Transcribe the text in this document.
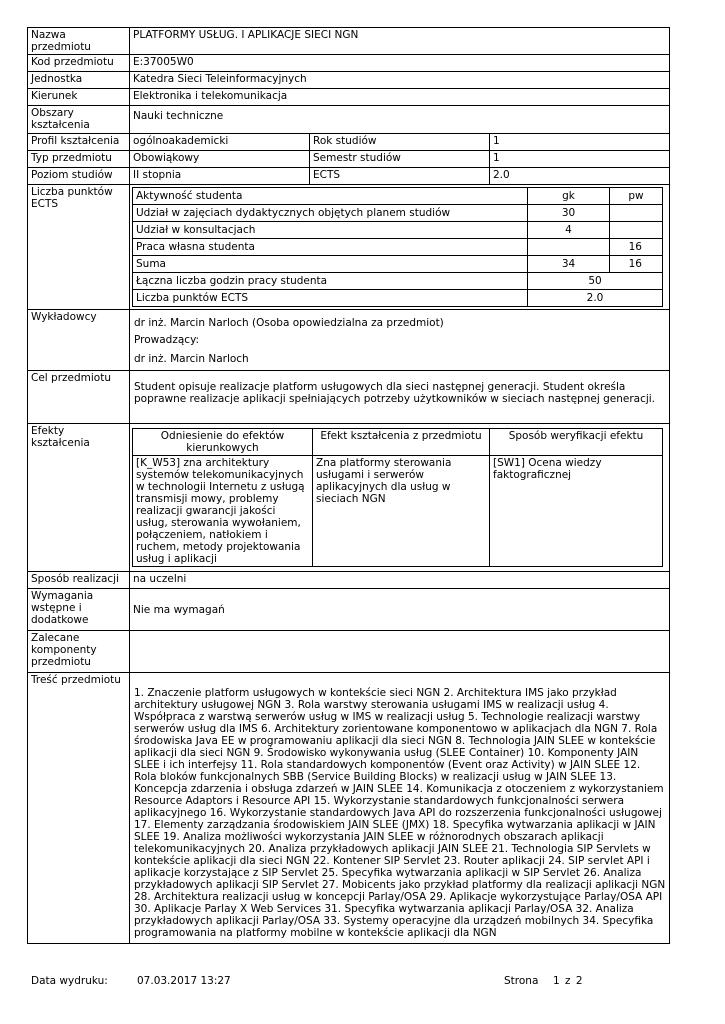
Nazwa przedmiotu	PLATFORMY USŁUG. I APLIKACJE SIECI NGN
Kod przedmiotu	E:37005W0
Jednostka	Katedra Sieci Teleinformacyjnych
Kierunek	Elektronika i telekomunikacja
Obszary kształcenia	Nauki techniczne
Profil kształcenia	ogólnoakademicki	Rok studiów	1
Typ przedmiotu	Obowiąkowy	Semestr studiów	1
Poziom studiów	II stopnia	ECTS	2.0
Liczba punktów ECTS	
Aktywność studenta	gk	pw
Udział w zajęciach dydaktycznych objętych planem studiów	30	
Udział w konsultacjach	4	
Praca własna studenta		16
Suma	34	16
Łączna liczba godzin pracy studenta	50
Liczba punktów ECTS	2.0

Wykładowcy	dr inż. Marcin Narloch (Osoba opowiedzialna za przedmiot)
Prowadzący:
dr inż. Marcin Narloch

Cel przedmiotu	Student opisuje realizacje platform usługowych dla sieci następnej generacji. Student określa poprawne realizacje aplikacji spełniających potrzeby użytkowników w sieciach następnej generacji.
Efekty kształcenia	
Odniesienie do efektów kierunkowych	Efekt kształcenia z przedmiotu	Sposób weryfikacji efektu
[K_W53] zna architektury systemów telekomunikacyjnych w technologii Internetu z usługą transmisji mowy, problemy realizacji gwarancji jakości usług, sterowania wywołaniem, połączeniem, natłokiem i ruchem, metody projektowania usług i aplikacji	Zna platformy sterowania usługami i serwerów aplikacyjnych dla usług w sieciach NGN	[SW1] Ocena wiedzy faktograficznej

Sposób realizacji	na uczelni
Wymagania wstępne i dodatkowe	Nie ma wymagań
Zalecane komponenty przedmiotu	
Treść przedmiotu	1. Znaczenie platform usługowych w kontekście sieci NGN 2. Architektura IMS jako przykład architektury usługowej NGN 3. Rola warstwy sterowania usługami IMS w realizacji usług 4. Współpraca z warstwą serwerów usług w IMS w realizacji usług 5. Technologie realizacji warstwy serwerów usług dla IMS 6. Architektury zorientowane komponentowo w aplikacjach dla NGN 7. Rola środowiska Java EE w programowaniu aplikacji dla sieci NGN 8. Technologia JAIN SLEE w kontekście aplikacji dla sieci NGN 9. Środowisko wykonywania usług (SLEE Container) 10. Komponenty JAIN SLEE i ich interfejsy 11. Rola standardowych komponentów (Event oraz Activity) w JAIN SLEE 12. Rola bloków funkcjonalnych SBB (Service Building Blocks) w realizacji usług w JAIN SLEE 13. Koncepcja zdarzenia i obsługa zdarzeń w JAIN SLEE 14. Komunikacja z otoczeniem z wykorzystaniem Resource Adaptors i Resource API 15. Wykorzystanie standardowych funkcjonalności serwera aplikacyjnego 16. Wykorzystanie standardowych Java API do rozszerzenia funkcjonalności usługowej 17. Elementy zarządzania środowiskiem JAIN SLEE (JMX) 18. Specyfika wytwarzania aplikacji w JAIN SLEE 19. Analiza możliwości wykorzystania JAIN SLEE w różnorodnych obszarach aplikacji telekomunikacyjnych 20. Analiza przykładowych aplikacji JAIN SLEE 21. Technologia SIP Servlets w kontekście aplikacji dla sieci NGN 22. Kontener SIP Servlet 23. Router aplikacji 24. SIP servlet API i aplikacje korzystające z SIP Servlet 25. Specyfika wytwarzania aplikacji w SIP Servlet 26. Analiza przykładowych aplikacji SIP Servlet 27. Mobicents jako przykład platformy dla realizacji aplikacji NGN 28. Architektura realizacji usług w koncepcji Parlay/OSA 29. Aplikacje wykorzystujące Parlay/OSA API 30. Aplikacje Parlay X Web Services 31. Specyfika wytwarzania aplikacji Parlay/OSA 32. Analiza przykładowych aplikacji Parlay/OSA 33. Systemy operacyjne dla urządzeń mobilnych 34. Specyfika programowania na platformy mobilne w kontekście aplikacji dla NGN
Data wydruku:	07.03.2017 13:27	Strona 1 z 2
